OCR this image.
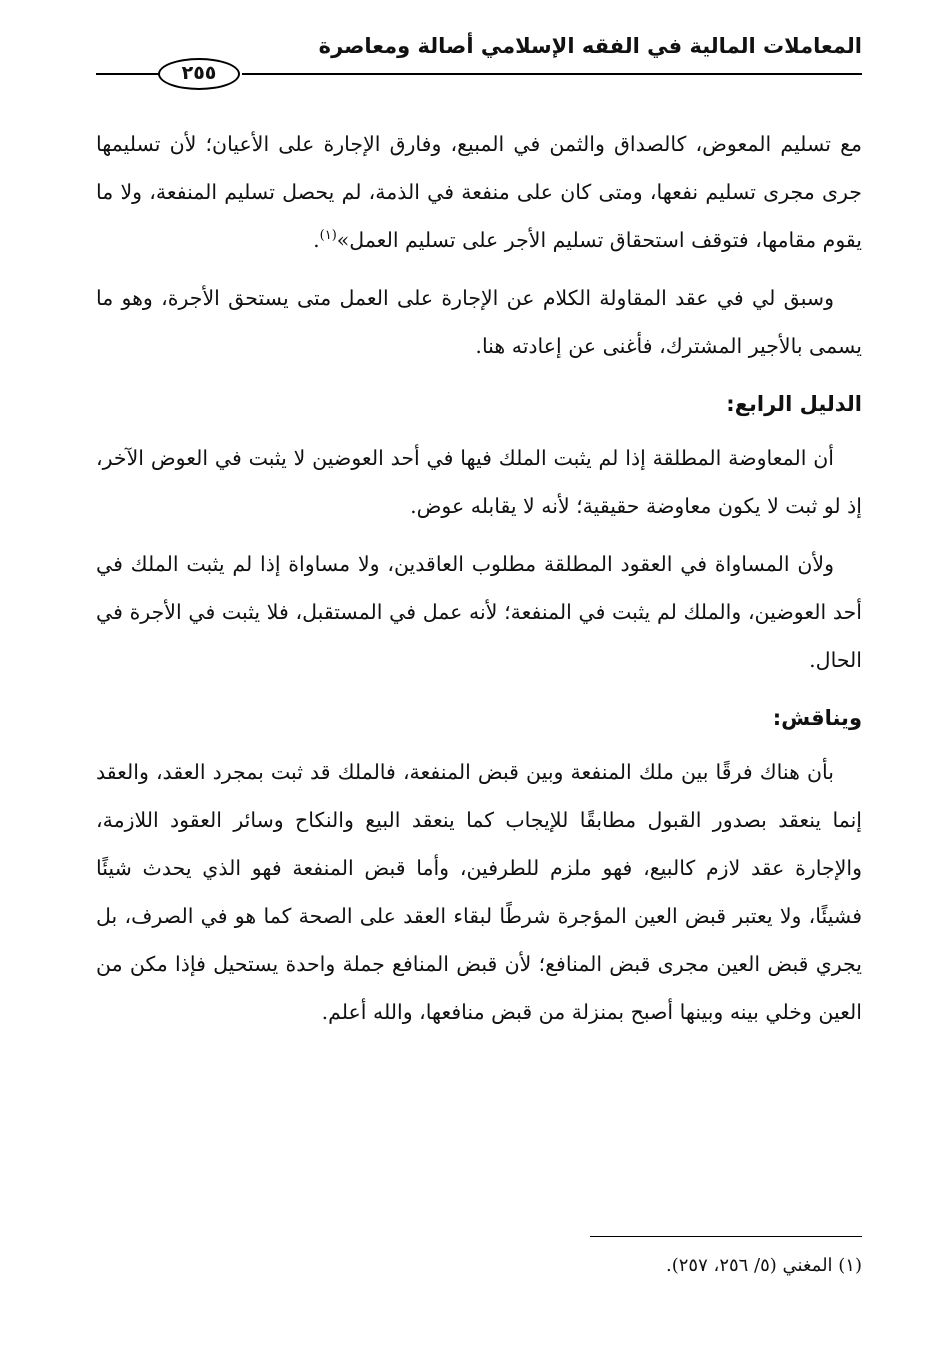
المعاملات المالية في الفقه الإسلامي أصالة ومعاصرة
٢٥٥

مع تسليم المعوض، كالصداق والثمن في المبيع، وفارق الإجارة على الأعيان؛ لأن تسليمها جرى مجرى تسليم نفعها، ومتى كان على منفعة في الذمة، لم يحصل تسليم المنفعة، ولا ما يقوم مقامها، فتوقف استحقاق تسليم الأجر على تسليم العمل»$^{(١)}$.

وسبق لي في عقد المقاولة الكلام عن الإجارة على العمل متى يستحق الأجرة، وهو ما يسمى بالأجير المشترك، فأغنى عن إعادته هنا.

الدليل الرابع:

أن المعاوضة المطلقة إذا لم يثبت الملك فيها في أحد العوضين لا يثبت في العوض الآخر، إذ لو ثبت لا يكون معاوضة حقيقية؛ لأنه لا يقابله عوض.

ولأن المساواة في العقود المطلقة مطلوب العاقدين، ولا مساواة إذا لم يثبت الملك في أحد العوضين، والملك لم يثبت في المنفعة؛ لأنه عمل في المستقبل، فلا يثبت في الأجرة في الحال.

ويناقش:

بأن هناك فرقًا بين ملك المنفعة وبين قبض المنفعة، فالملك قد ثبت بمجرد العقد، والعقد إنما ينعقد بصدور القبول مطابقًا للإيجاب كما ينعقد البيع والنكاح وسائر العقود اللازمة، والإجارة عقد لازم كالبيع، فهو ملزم للطرفين، وأما قبض المنفعة فهو الذي يحدث شيئًا فشيئًا، ولا يعتبر قبض العين المؤجرة شرطًا لبقاء العقد على الصحة كما هو في الصرف، بل يجري قبض العين مجرى قبض المنافع؛ لأن قبض المنافع جملة واحدة يستحيل فإذا مكن من العين وخلي بينه وبينها أصبح بمنزلة من قبض منافعها، والله أعلم.

(١) المغني (٥/ ٢٥٦، ٢٥٧).
